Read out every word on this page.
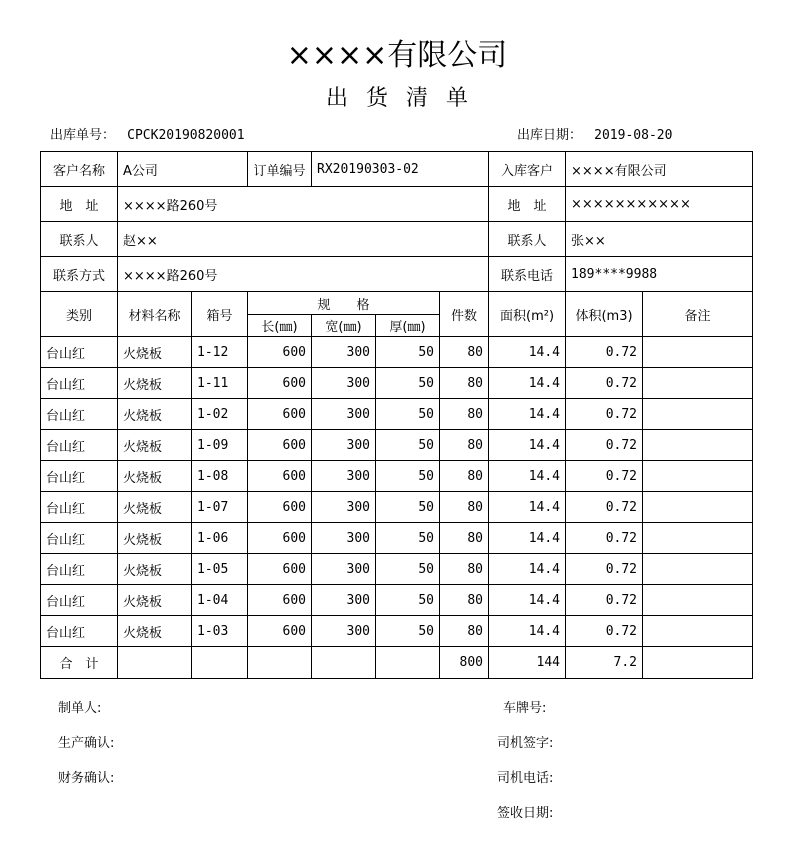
××××有限公司
出货清单
出库单号： CPCK20190820001	出库日期： 2019-08-20
客户名称	A公司		订单编号	RX20190303-02			入库客户	××××有限公司	
地　址	××××路260号						地　址	×××××××××××	
联系人	赵××						联系人	张××	
联系方式	××××路260号						联系电话	189****9988	
类别	材料名称	箱号	规　　格			件数	面积(m²)	体积(m3)	备注
			长(㎜)	宽(㎜)	厚(㎜)				
台山红	火烧板	1-12	600	300	50	80	14.4	0.72	
台山红	火烧板	1-11	600	300	50	80	14.4	0.72	
台山红	火烧板	1-02	600	300	50	80	14.4	0.72	
台山红	火烧板	1-09	600	300	50	80	14.4	0.72	
台山红	火烧板	1-08	600	300	50	80	14.4	0.72	
台山红	火烧板	1-07	600	300	50	80	14.4	0.72	
台山红	火烧板	1-06	600	300	50	80	14.4	0.72	
台山红	火烧板	1-05	600	300	50	80	14.4	0.72	
台山红	火烧板	1-04	600	300	50	80	14.4	0.72	
台山红	火烧板	1-03	600	300	50	80	14.4	0.72	
合　计						800	144	7.2	
制单人:
生产确认:
财务确认:
车牌号:
司机签字:
司机电话:
签收日期:
